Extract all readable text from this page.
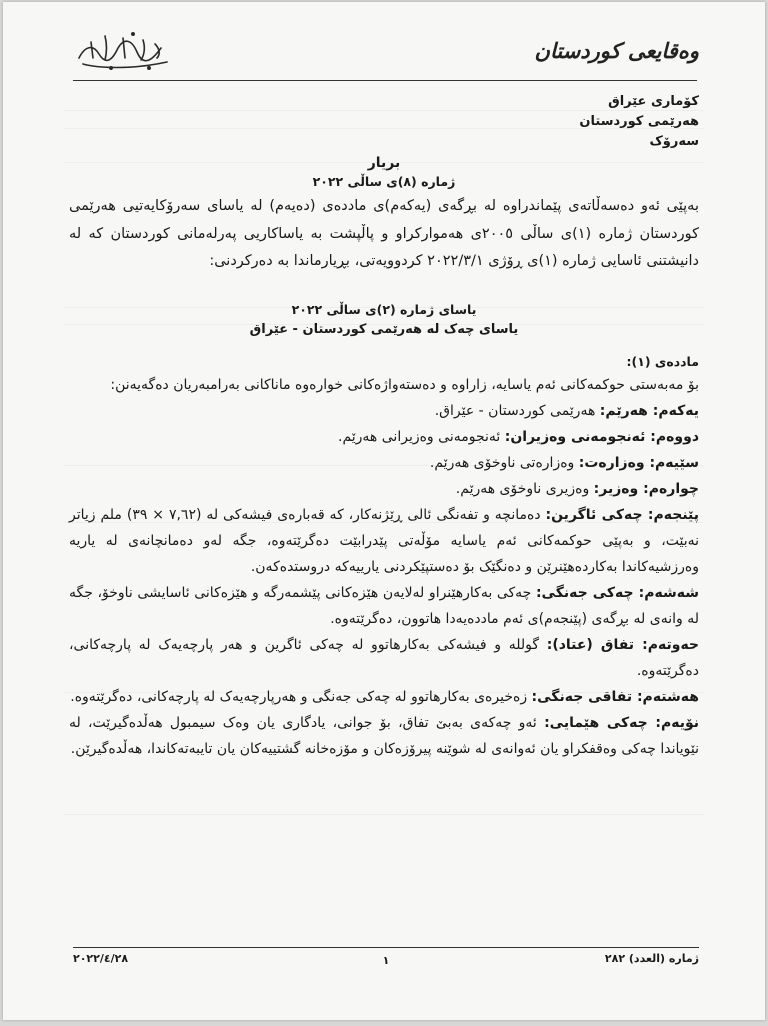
وەقایعی کوردستان
كۆماری عێراق
هەرێمی كوردستان
سەرۆک
بریار
ژمارە (٨)ی ساڵی ٢٠٢٢
بەپێی ئەو دەسەڵاتەی پێماندراوە لە بڕگەی (یەكەم)ی ماددەی (دەیەم) لە یاسای سەرۆكایەتیی هەرێمی كوردستان ژمارە (١)ی ساڵی ٢٠٠٥ی هەمواركراو و پاڵپشت بە یاساكاریی پەرلەمانی كوردستان كە لە دانیشتنی ئاسایی ژمارە (١)ی ڕۆژی ٢٠٢٢/٣/١ كردوویەتی، بڕیارماندا بە دەركردنی:
یاسای ژمارە (٢)ی ساڵی ٢٠٢٢
یاسای چەک لە هەرێمی كوردستان - عێراق
ماددەی (١):
بۆ مەبەستی حوكمەكانی ئەم یاسایە، زاراوە و دەستەواژەكانی خوارەوە ماناكانی بەرامبەریان دەگەیەنن:
یەكەم: هەرێم: هەرێمی كوردستان - عێراق.
دووەم: ئەنجومەنی وەزیران: ئەنجومەنی وەزیرانی هەرێم.
سێیەم: وەزارەت: وەزارەتی ناوخۆی هەرێم.
چوارەم: وەزیر: وەزیری ناوخۆی هەرێم.
پێنجەم: چەكی ئاگرین: دەمانچە و تفەنگی ئالی ڕێژنەكار، كە قەبارەی فیشەكی لە (٧,٦٢ × ٣٩) ملم زیاتر نەبێت، و بەپێی حوكمەكانی ئەم یاسایە مۆڵەتی پێدرابێت دەگرێتەوە، جگە لەو دەمانچانەی لە یاریە وەرزشیەكاندا بەكاردەهێنرێن و دەنگێک بۆ دەستپێكردنی یارییەكە دروستدەكەن.
شەشەم: چەكی جەنگی: چەكی بەكارهێنراو لەلایەن هێزەكانی پێشمەرگە و هێزەكانی ئاسایشی ناوخۆ، جگە لە وانەی لە بڕگەی (پێنجەم)ی ئەم ماددەیەدا هاتوون، دەگرێتەوە.
حەوتەم: تفاق (عتاد): گوللە و فیشەكی بەكارهاتوو لە چەكی ئاگرین و هەر پارچەیەک لە پارچەكانی، دەگرێتەوە.
هەشتەم: تفاقی جەنگی: زەخیرەی بەكارهاتوو لە چەكی جەنگی و هەرپارچەیەک لە پارچەكانی، دەگرێتەوە.
نۆیەم: چەكی هێمایی: ئەو چەكەی بەبێ تفاق، بۆ جوانی، یادگاری یان وەک سیمبول هەڵدەگیرێت، لە نێویاندا چەكی وەقفكراو یان ئەوانەی لە شوێنە پیرۆزەكان و مۆزەخانە گشتییەكان یان تایبەتەكاندا، هەڵدەگیرێن.
ژمارە (العدد) ٢٨٢
١
٢٠٢٢/٤/٢٨
